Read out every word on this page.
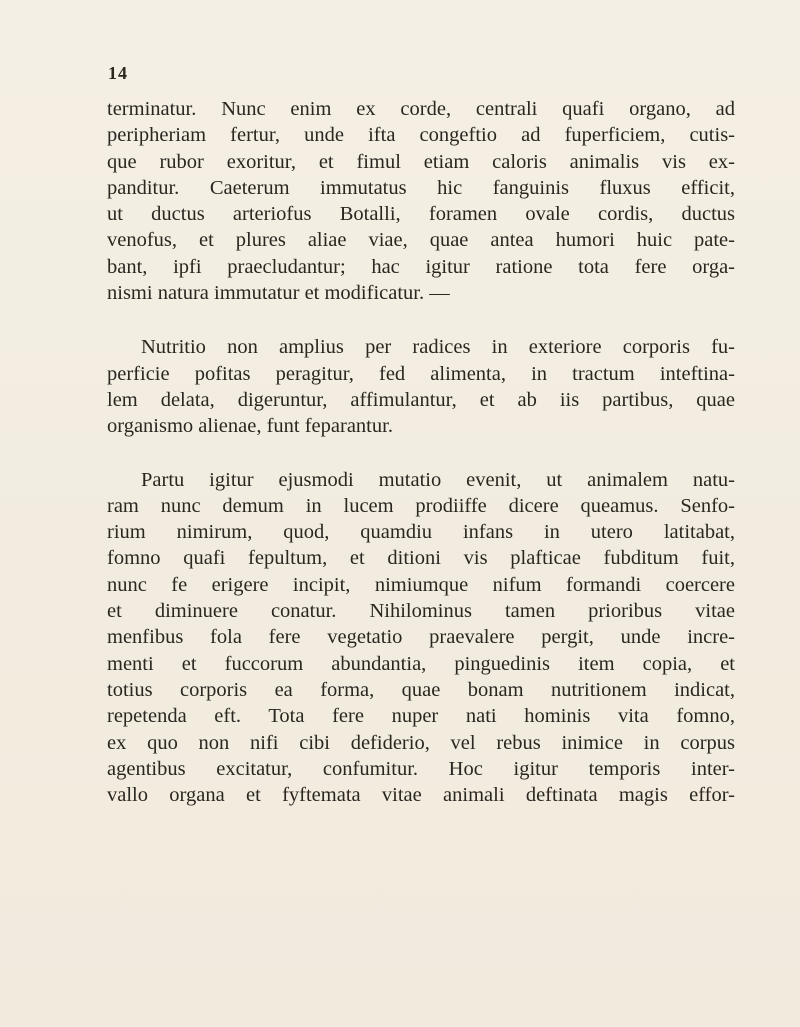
14
terminatur. Nunc enim ex corde, centrali quafi organo, ad
peripheriam fertur, unde ifta congeftio ad fuperficiem, cutis-
que rubor exoritur, et fimul etiam caloris animalis vis ex-
panditur. Caeterum immutatus hic fanguinis fluxus efficit,
ut ductus arteriofus Botalli, foramen ovale cordis, ductus
venofus, et plures aliae viae, quae antea humori huic pate-
bant, ipfi praecludantur; hac igitur ratione tota fere orga-
nismi natura immutatur et modificatur. —
Nutritio non amplius per radices in exteriore corporis fu-
perficie pofitas peragitur, fed alimenta, in tractum inteftina-
lem delata, digeruntur, affimulantur, et ab iis partibus, quae
organismo alienae, funt feparantur.
Partu igitur ejusmodi mutatio evenit, ut animalem natu-
ram nunc demum in lucem prodiiffe dicere queamus. Senfo-
rium nimirum, quod, quamdiu infans in utero latitabat,
fomno quafi fepultum, et ditioni vis plafticae fubditum fuit,
nunc fe erigere incipit, nimiumque nifum formandi coercere
et diminuere conatur. Nihilominus tamen prioribus vitae
menfibus fola fere vegetatio praevalere pergit, unde incre-
menti et fuccorum abundantia, pinguedinis item copia, et
totius corporis ea forma, quae bonam nutritionem indicat,
repetenda eft. Tota fere nuper nati hominis vita fomno,
ex quo non nifi cibi defiderio, vel rebus inimice in corpus
agentibus excitatur, confumitur. Hoc igitur temporis inter-
vallo organa et fyftemata vitae animali deftinata magis effor-
